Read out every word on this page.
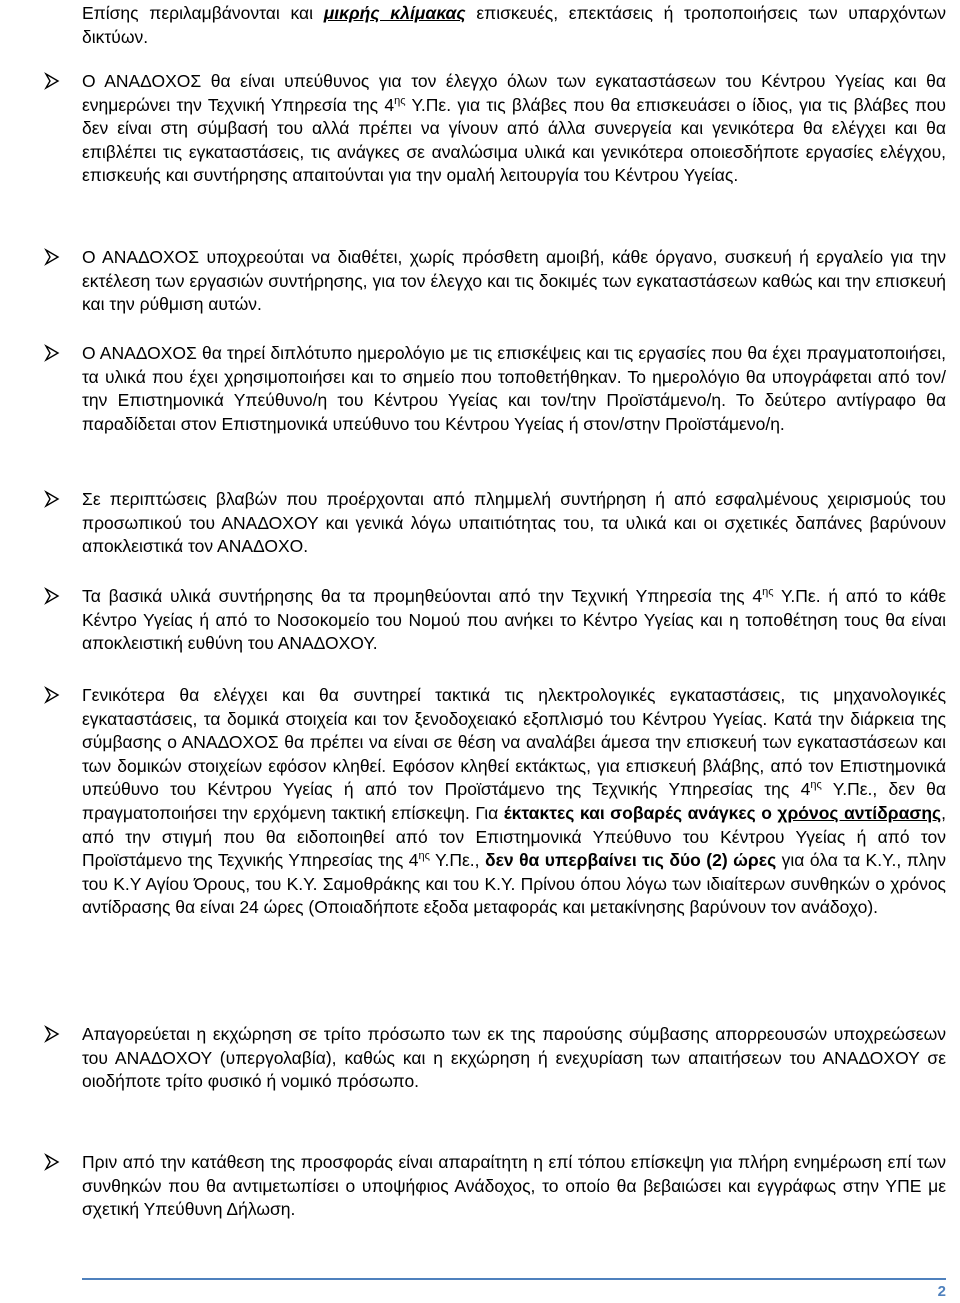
Επίσης περιλαμβάνονται και μικρής κλίμακας επισκευές, επεκτάσεις ή τροποποιήσεις των υπαρχόντων δικτύων.
Ο ΑΝΑΔΟΧΟΣ θα είναι υπεύθυνος για τον έλεγχο όλων των εγκαταστάσεων του Κέντρου Υγείας και θα ενημερώνει την Τεχνική Υπηρεσία της $4^{\eta\varsigma}$ Υ.Πε. για τις βλάβες που θα επισκευάσει ο ίδιος, για τις βλάβες που δεν είναι στη σύμβασή του αλλά πρέπει να γίνουν από άλλα συνεργεία και γενικότερα θα ελέγχει και θα επιβλέπει τις εγκαταστάσεις, τις ανάγκες σε αναλώσιμα υλικά και γενικότερα οποιεσδήποτε εργασίες ελέγχου, επισκευής και συντήρησης απαιτούνται για την ομαλή λειτουργία του Κέντρου Υγείας.
Ο ΑΝΑΔΟΧΟΣ υποχρεούται να διαθέτει, χωρίς πρόσθετη αμοιβή, κάθε όργανο, συσκευή ή εργαλείο για την εκτέλεση των εργασιών συντήρησης, για τον έλεγχο και τις δοκιμές των εγκαταστάσεων καθώς και την επισκευή και την ρύθμιση αυτών.
Ο ΑΝΑΔΟΧΟΣ θα τηρεί διπλότυπο ημερολόγιο με τις επισκέψεις και τις εργασίες που θα έχει πραγματοποιήσει, τα υλικά που έχει χρησιμοποιήσει και το σημείο που τοποθετήθηκαν. Το ημερολόγιο θα υπογράφεται από τον/την Επιστημονικά Υπεύθυνο/η του Κέντρου Υγείας και τον/την Προϊστάμενο/η. Το δεύτερο αντίγραφο θα παραδίδεται στον Επιστημονικά υπεύθυνο του Κέντρου Υγείας ή στον/στην Προϊστάμενο/η.
Σε περιπτώσεις βλαβών που προέρχονται από πλημμελή συντήρηση ή από εσφαλμένους χειρισμούς του προσωπικού του ΑΝΑΔΟΧΟΥ και γενικά λόγω υπαιτιότητας του, τα υλικά και οι σχετικές δαπάνες βαρύνουν αποκλειστικά τον ΑΝΑΔΟΧΟ.
Τα βασικά υλικά συντήρησης θα τα προμηθεύονται από την Τεχνική Υπηρεσία της $4^{\eta\varsigma}$ Υ.Πε. ή από το κάθε Κέντρο Υγείας ή από το Νοσοκομείο του Νομού που ανήκει το Κέντρο Υγείας και η τοποθέτηση τους θα είναι αποκλειστική ευθύνη του ΑΝΑΔΟΧΟΥ.
Γενικότερα θα ελέγχει και θα συντηρεί τακτικά τις ηλεκτρολογικές εγκαταστάσεις, τις μηχανολογικές εγκαταστάσεις, τα δομικά στοιχεία και τον ξενοδοχειακό εξοπλισμό του Κέντρου Υγείας. Κατά την διάρκεια της σύμβασης ο ΑΝΑΔΟΧΟΣ θα πρέπει να είναι σε θέση να αναλάβει άμεσα την επισκευή των εγκαταστάσεων και των δομικών στοιχείων εφόσον κληθεί. Εφόσον κληθεί εκτάκτως, για επισκευή βλάβης, από τον Επιστημονικά υπεύθυνο του Κέντρου Υγείας ή από τον Προϊστάμενο της Τεχνικής Υπηρεσίας της $4^{\eta\varsigma}$ Υ.Πε., δεν θα πραγματοποιήσει την ερχόμενη τακτική επίσκεψη. Για έκτακτες και σοβαρές ανάγκες ο χρόνος αντίδρασης, από την στιγμή που θα ειδοποιηθεί από τον Επιστημονικά Υπεύθυνο του Κέντρου Υγείας ή από τον Προϊστάμενο της Τεχνικής Υπηρεσίας της $4^{\eta\varsigma}$ Υ.Πε., δεν θα υπερβαίνει τις δύο (2) ώρες για όλα τα Κ.Υ., πλην του Κ.Υ Αγίου Όρους, του Κ.Υ. Σαμοθράκης και του Κ.Υ. Πρίνου όπου λόγω των ιδιαίτερων συνθηκών ο χρόνος αντίδρασης θα είναι 24 ώρες (Οποιαδήποτε εξοδα μεταφοράς και μετακίνησης βαρύνουν τον ανάδοχο).
Απαγορεύεται η εκχώρηση σε τρίτο πρόσωπο των εκ της παρούσης σύμβασης απορρεουσών υποχρεώσεων του ΑΝΑΔΟΧΟΥ (υπεργολαβία), καθώς και η εκχώρηση ή ενεχυρίαση των απαιτήσεων του ΑΝΑΔΟΧΟΥ σε οιοδήποτε τρίτο φυσικό ή νομικό πρόσωπο.
Πριν από την κατάθεση της προσφοράς είναι απαραίτητη η επί τόπου επίσκεψη για πλήρη ενημέρωση επί των συνθηκών που θα αντιμετωπίσει ο υποψήφιος Ανάδοχος, το οποίο θα βεβαιώσει και εγγράφως στην ΥΠΕ με σχετική Υπεύθυνη Δήλωση.
2
